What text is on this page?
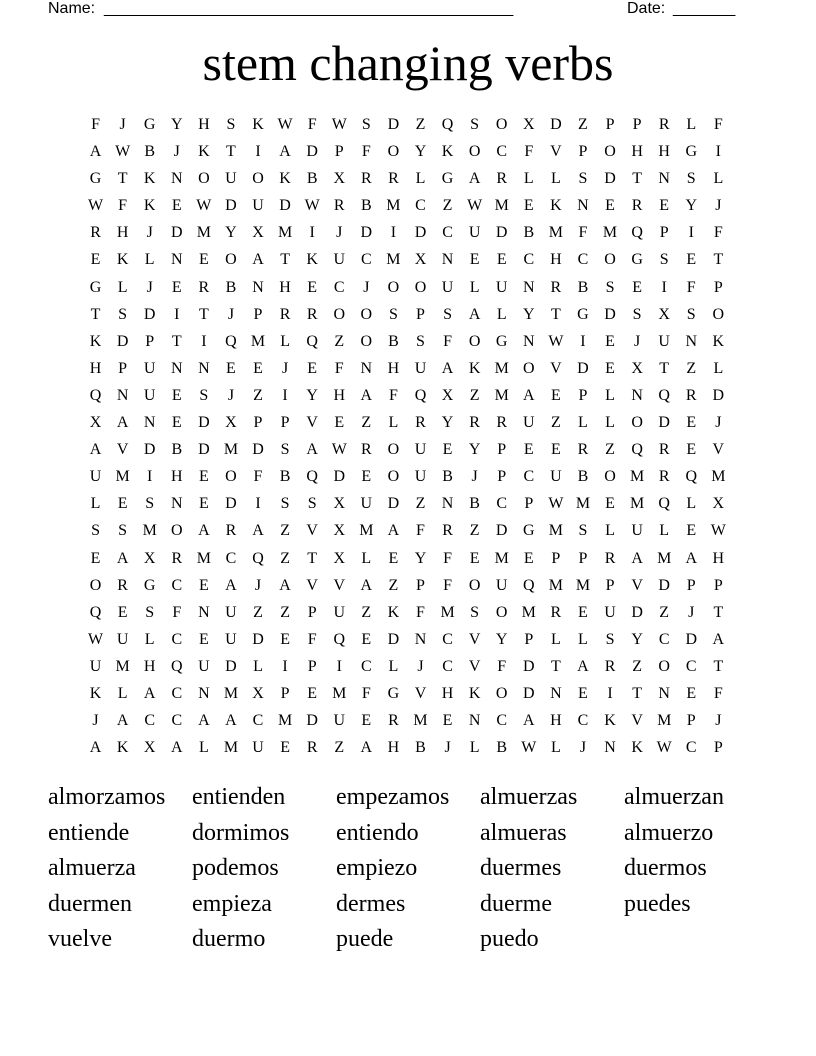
Name: ______________________________________________	Date: _______
stem changing verbs
F	J	G Y H	S	K W F W S	D	Z	Q	S	O X D	Z	P	P	R	L	F
A W B	J	K	T	I	A D	P	F	O Y K O C	F	V	P	O H H G	I
G	T	K N O U O K B X R	R	L	G A R	L	L	S	D	T	N	S	L
W F	K	E W D U D W R	B M C	Z W M E	K N	E	R	E	Y	J
R H	J	D M Y X M	I	J	D	I	D C U D B M F M Q	P	I	F
E	K	L	N	E	O A	T	K U C M X N	E	E	C H C O G	S	E	T
G	L	J	E	R	B N H	E	C	J	O O U	L	U N R	B	S	E	I	F	P
T	S	D	I	T	J	P	R	R O O	S	P	S	A	L	Y	T	G D	S	X	S	O
K D	P	T	I	Q M L	Q	Z	O B	S	F	O G N W	I	E	J	U N K
H	P	U N N	E	E	J	E	F	N H U A K M O V D	E	X	T	Z	L
Q N U	E	S	J	Z	I	Y H A	F	Q X	Z M A	E	P	L	N Q R D
X A N	E	D X	P	P	V	E	Z	L	R Y R	R U	Z	L	L	O D	E	J
A V D B D M D	S	A W R O U	E	Y	P	E	E	R	Z	Q R	E	V
U M	I	H	E	O	F	B Q D	E	O U B	J	P	C U B O M R Q M
L	E	S	N	E	D	I	S	S	X U D	Z	N B	C	P W M E M Q	L	X
S	S M O A R A	Z	V X M A	F	R	Z	D G M S	L	U	L	E W
E	A X R M C Q	Z	T	X	L	E	Y	F	E M E	P	P	R A M A H
O R G C	E	A	J	A V V A	Z	P	F	O U Q M M P	V D	P	P
Q	E	S	F	N U	Z	Z	P	U	Z	K	F M S	O M R	E	U D	Z	J	T
W U	L	C	E	U D	E	F	Q	E	D N C V Y	P	L	L	S	Y C D A
U M H Q U D	L	I	P	I	C	L	J	C V	F	D	T	A R	Z	O C	T
K	L	A C N M X	P	E M F	G V H K O D N	E	I	T	N	E	F
J	A C	C A A C M D U	E	R M E	N C A H C K V M P	J
A K X A	L M U	E	R	Z	A H B	J	L	B W L	J	N K W C	P
almorzamos	entienden	empezamos	almuerzas	almuerzan
entiende	dormimos	entiendo	almueras	almuerzo
almuerza	podemos	empiezo	duermes	duermos
duermen	empieza	dermes	duerme	puedes
vuelve	duermo	puede	puedo
